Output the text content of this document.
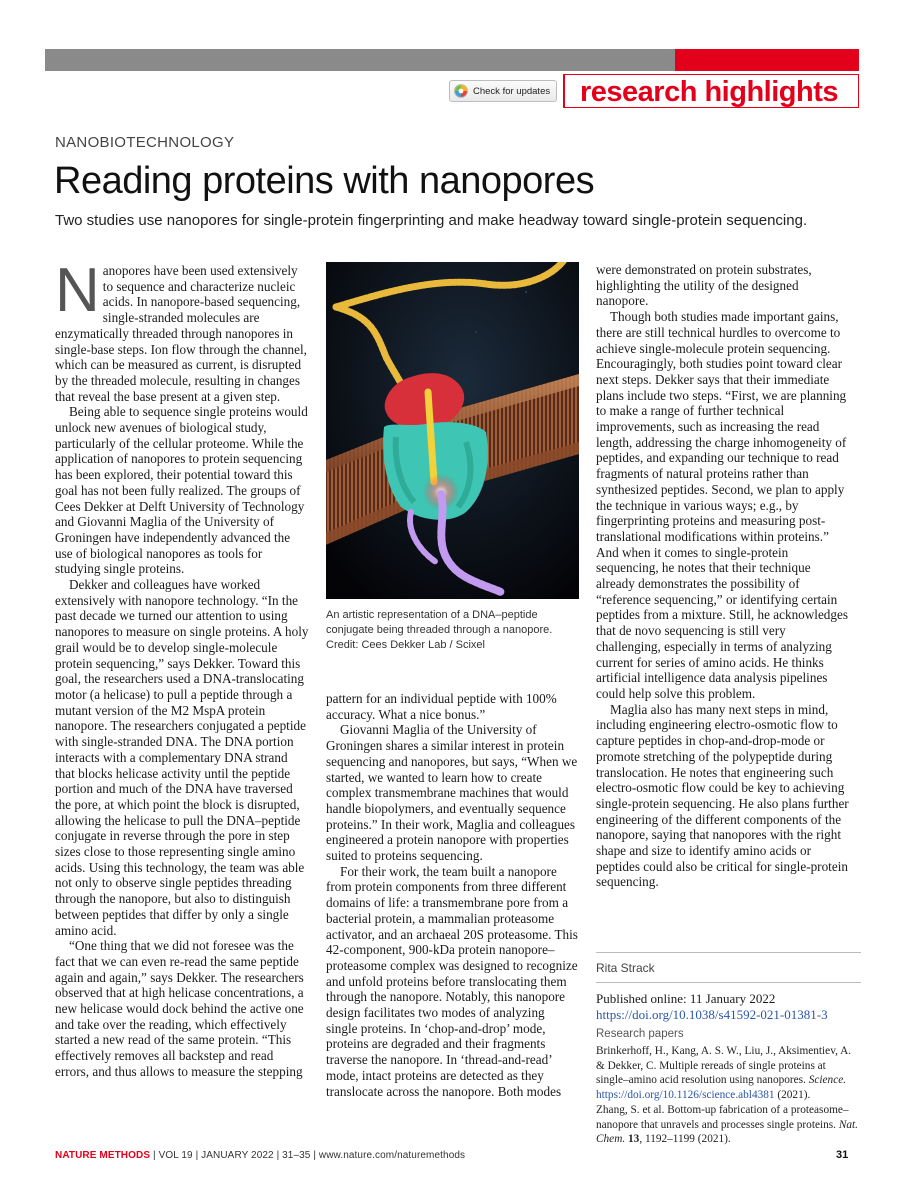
Check for updates research highlights
NANOBIOTECHNOLOGY
Reading proteins with nanopores
Two studies use nanopores for single-protein fingerprinting and make headway toward single-protein sequencing.

Nanopores have been used extensively to sequence and characterize nucleic acids. In nanopore-based sequencing, single-stranded molecules are enzymatically threaded through nanopores in single-base steps. Ion flow through the channel, which can be measured as current, is disrupted by the threaded molecule, resulting in changes that reveal the base present at a given step.

Being able to sequence single proteins would unlock new avenues of biological study, particularly of the cellular proteome. While the application of nanopores to protein sequencing has been explored, their potential toward this goal has not been fully realized. The groups of Cees Dekker at Delft University of Technology and Giovanni Maglia of the University of Groningen have independently advanced the use of biological nanopores as tools for studying single proteins.

Dekker and colleagues have worked extensively with nanopore technology. “In the past decade we turned our attention to using nanopores to measure on single proteins. A holy grail would be to develop single-molecule protein sequencing,” says Dekker. Toward this goal, the researchers used a DNA-translocating motor (a helicase) to pull a peptide through a mutant version of the M2 MspA protein nanopore. The researchers conjugated a peptide with single-stranded DNA. The DNA portion interacts with a complementary DNA strand that blocks helicase activity until the peptide portion and much of the DNA have traversed the pore, at which point the block is disrupted, allowing the helicase to pull the DNA–peptide conjugate in reverse through the pore in step sizes close to those representing single amino acids. Using this technology, the team was able not only to observe single peptides threading through the nanopore, but also to distinguish between peptides that differ by only a single amino acid.

“One thing that we did not foresee was the fact that we can even re-read the same peptide again and again,” says Dekker. The researchers observed that at high helicase concentrations, a new helicase would dock behind the active one and take over the reading, which effectively started a new read of the same protein. “This effectively removes all backstep and read errors, and thus allows to measure the stepping

An artistic representation of a DNA–peptide conjugate being threaded through a nanopore. Credit: Cees Dekker Lab / Scixel

pattern for an individual peptide with 100% accuracy. What a nice bonus.”

Giovanni Maglia of the University of Groningen shares a similar interest in protein sequencing and nanopores, but says, “When we started, we wanted to learn how to create complex transmembrane machines that would handle biopolymers, and eventually sequence proteins.” In their work, Maglia and colleagues engineered a protein nanopore with properties suited to proteins sequencing.

For their work, the team built a nanopore from protein components from three different domains of life: a transmembrane pore from a bacterial protein, a mammalian proteasome activator, and an archaeal 20S proteasome. This 42-component, 900-kDa protein nanopore–proteasome complex was designed to recognize and unfold proteins before translocating them through the nanopore. Notably, this nanopore design facilitates two modes of analyzing single proteins. In ‘chop-and-drop’ mode, proteins are degraded and their fragments traverse the nanopore. In ‘thread-and-read’ mode, intact proteins are detected as they translocate across the nanopore. Both modes

were demonstrated on protein substrates, highlighting the utility of the designed nanopore.

Though both studies made important gains, there are still technical hurdles to overcome to achieve single-molecule protein sequencing. Encouragingly, both studies point toward clear next steps. Dekker says that their immediate plans include two steps. “First, we are planning to make a range of further technical improvements, such as increasing the read length, addressing the charge inhomogeneity of peptides, and expanding our technique to read fragments of natural proteins rather than synthesized peptides. Second, we plan to apply the technique in various ways; e.g., by fingerprinting proteins and measuring post-translational modifications within proteins.” And when it comes to single-protein sequencing, he notes that their technique already demonstrates the possibility of “reference sequencing,” or identifying certain peptides from a mixture. Still, he acknowledges that de novo sequencing is still very challenging, especially in terms of analyzing current for series of amino acids. He thinks artificial intelligence data analysis pipelines could help solve this problem.

Maglia also has many next steps in mind, including engineering electro-osmotic flow to capture peptides in chop-and-drop-mode or promote stretching of the polypeptide during translocation. He notes that engineering such electro-osmotic flow could be key to achieving single-protein sequencing. He also plans further engineering of the different components of the nanopore, saying that nanopores with the right shape and size to identify amino acids or peptides could also be critical for single-protein sequencing.

Rita Strack
Published online: 11 January 2022
https://doi.org/10.1038/s41592-021-01381-3
Research papers
Brinkerhoff, H., Kang, A. S. W., Liu, J., Aksimentiev, A. & Dekker, C. Multiple rereads of single proteins at single–amino acid resolution using nanopores. Science. https://doi.org/10.1126/science.abl4381 (2021).
Zhang, S. et al. Bottom-up fabrication of a proteasome–nanopore that unravels and processes single proteins. Nat. Chem. 13, 1192–1199 (2021).
NATURE METHODS | VOL 19 | JANUARY 2022 | 31–35 | www.nature.com/naturemethods	31
